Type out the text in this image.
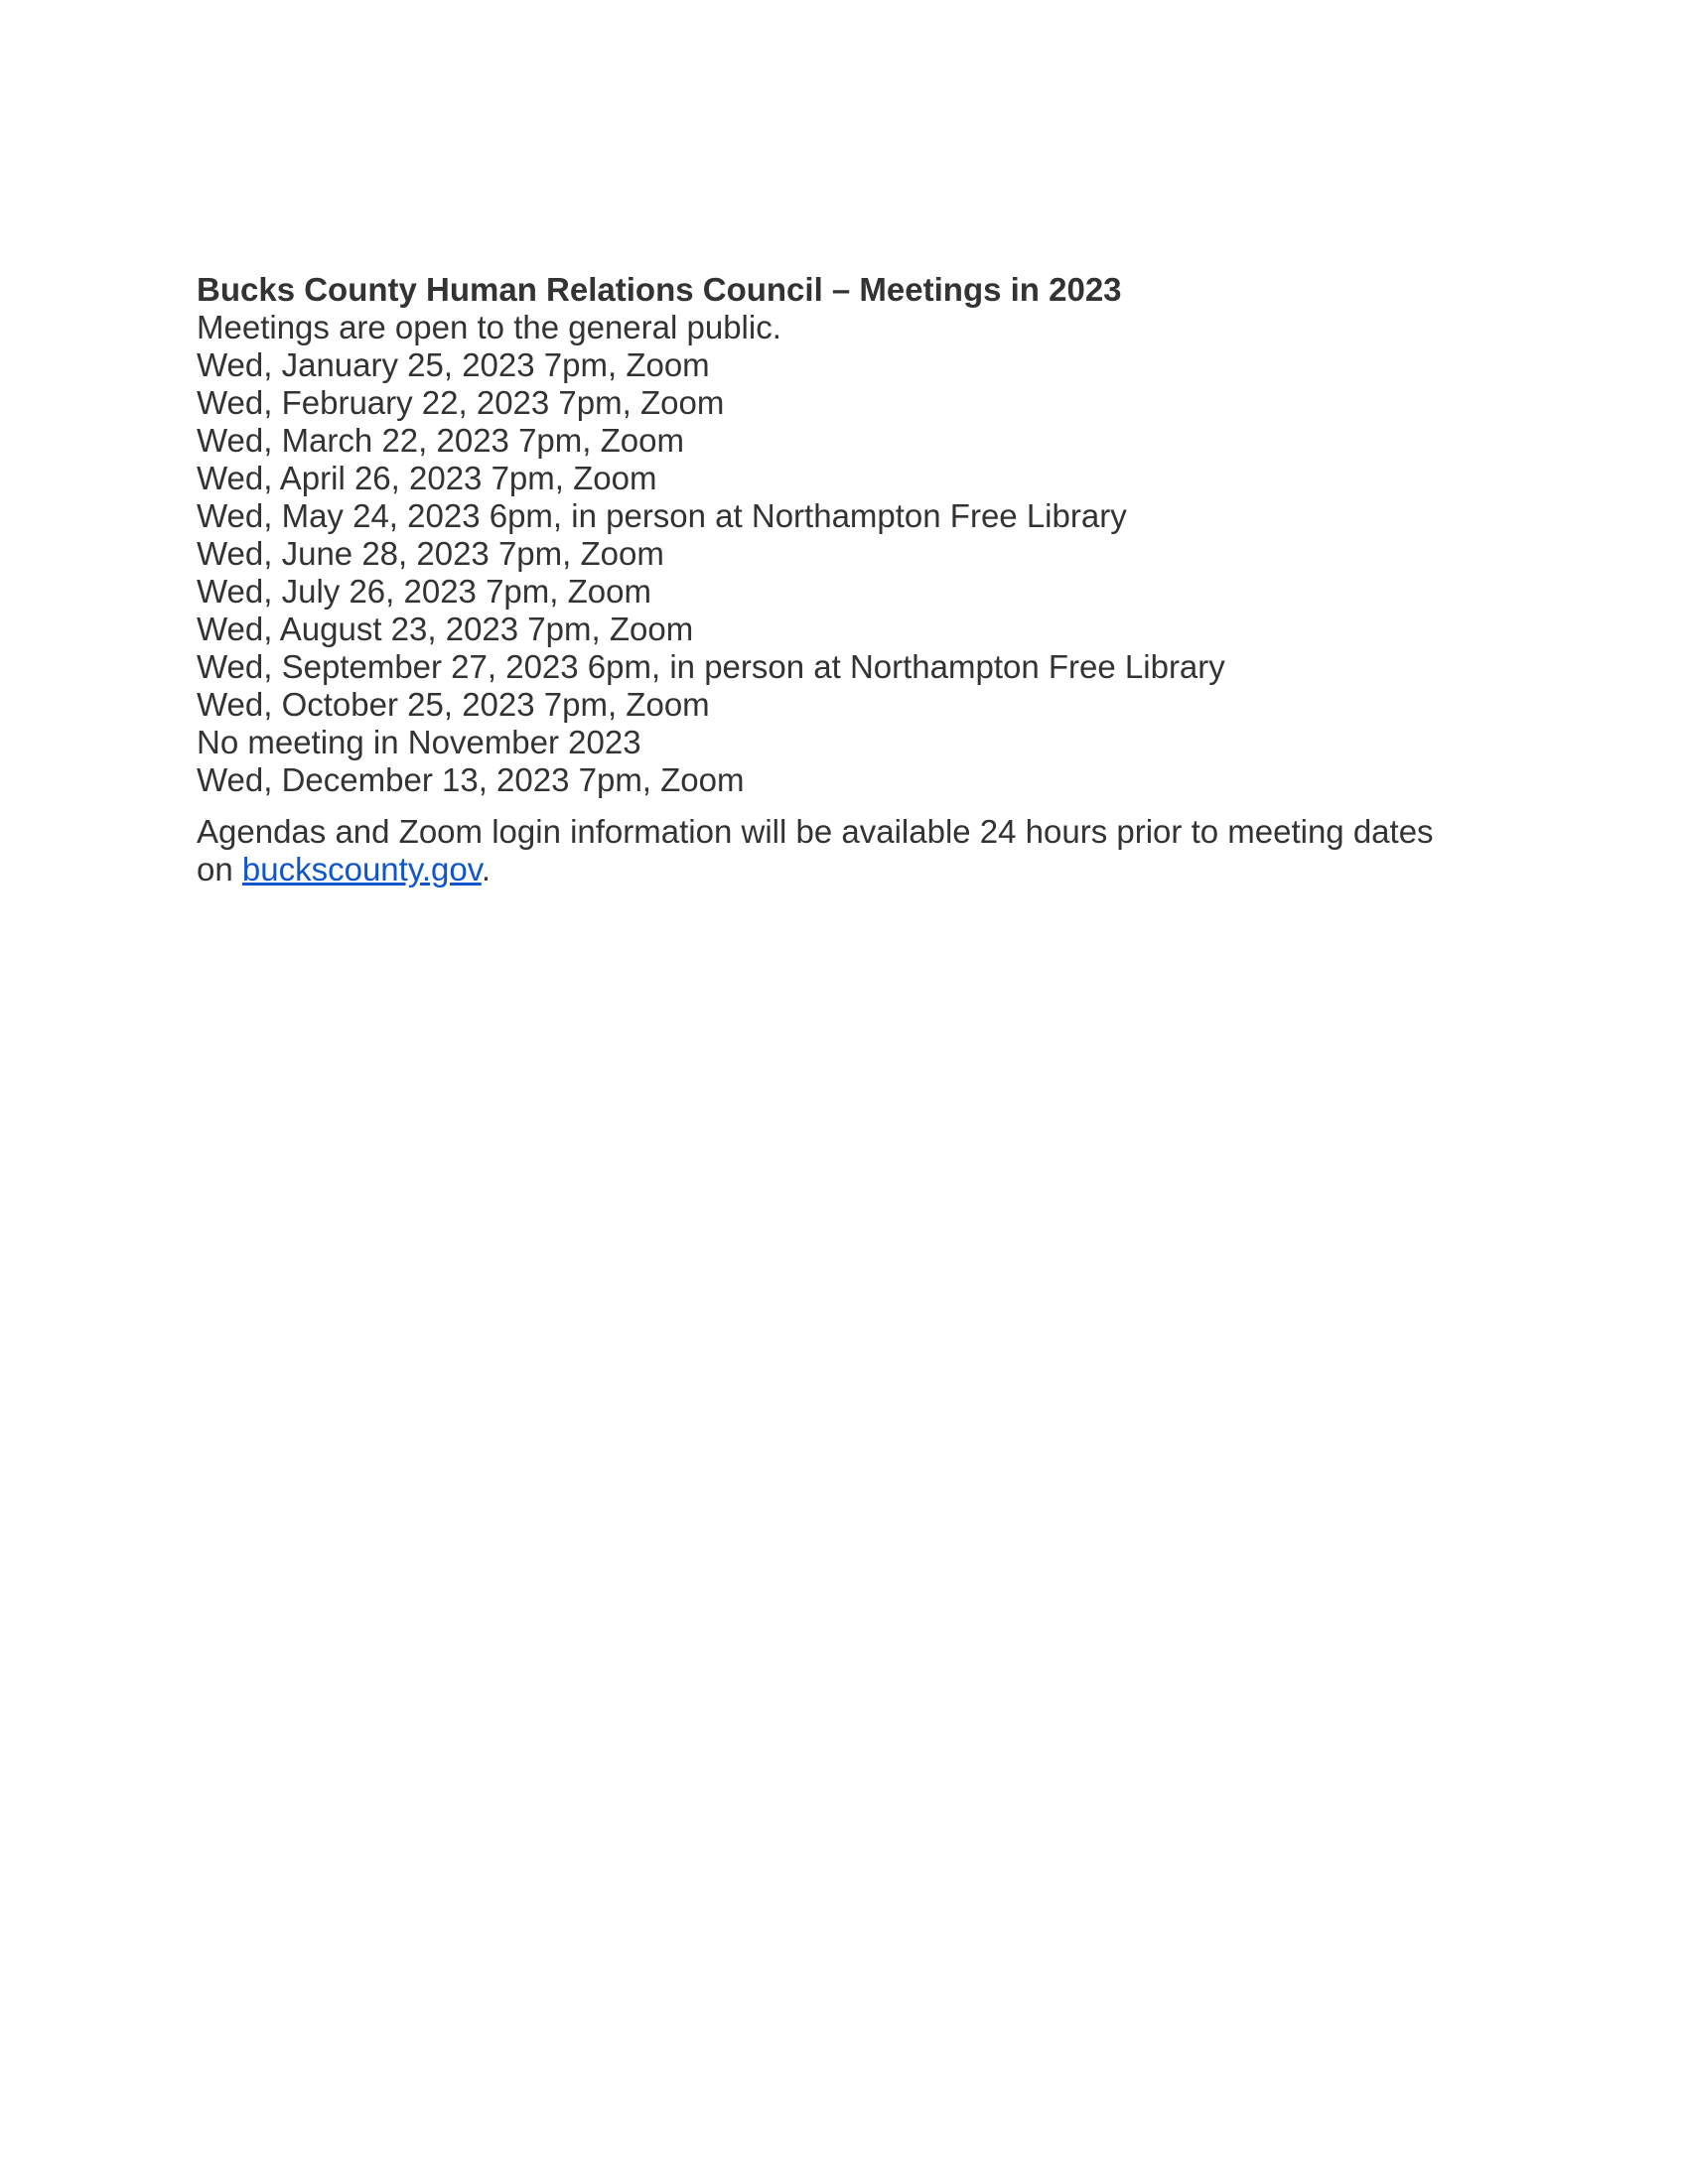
Bucks County Human Relations Council – Meetings in 2023

Meetings are open to the general public.

Wed, January 25, 2023 7pm, Zoom
Wed, February 22, 2023 7pm, Zoom
Wed, March 22, 2023 7pm, Zoom
Wed, April 26, 2023 7pm, Zoom
Wed, May 24, 2023 6pm, in person at Northampton Free Library
Wed, June 28, 2023 7pm, Zoom
Wed, July 26, 2023 7pm, Zoom
Wed, August 23, 2023 7pm, Zoom
Wed, September 27, 2023 6pm, in person at Northampton Free Library
Wed, October 25, 2023 7pm, Zoom
No meeting in November 2023
Wed, December 13, 2023 7pm, Zoom

Agendas and Zoom login information will be available 24 hours prior to meeting dates on buckscounty.gov.
